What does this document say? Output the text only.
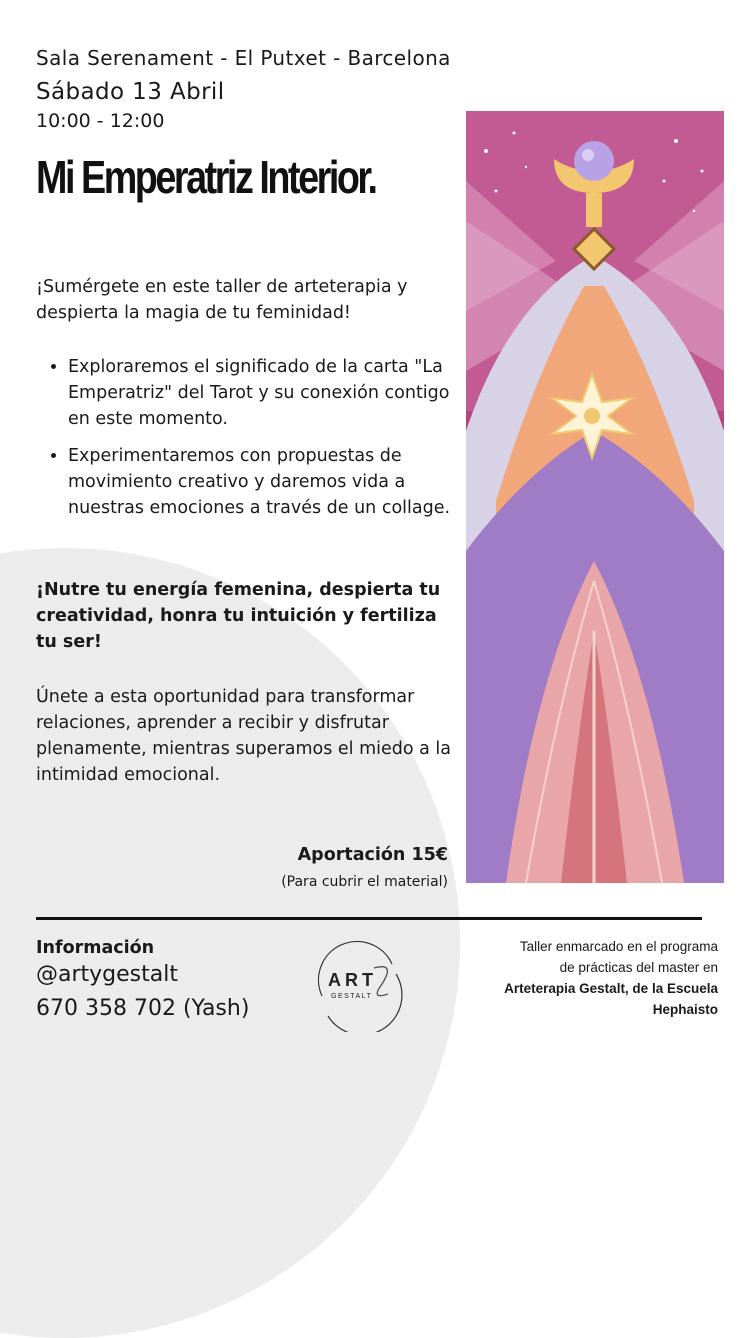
Sala Serenament - El Putxet - Barcelona
Sábado 13 Abril
10:00 - 12:00
Mi Emperatriz Interior.

¡Sumérgete en este taller de arteterapia y despierta la magia de tu feminidad!

• Exploraremos el significado de la carta "La Emperatriz" del Tarot y su conexión contigo en este momento.
• Experimentaremos con propuestas de movimiento creativo y daremos vida a nuestras emociones a través de un collage.

¡Nutre tu energía femenina, despierta tu creatividad, honra tu intuición y fertiliza tu ser!

Únete a esta oportunidad para transformar relaciones, aprender a recibir y disfrutar plenamente, mientras superamos el miedo a la intimidad emocional.

Aportación 15€
(Para cubrir el material)
Información
@artygestalt
670 358 702 (Yash)
ART
GESTALT
Taller enmarcado en el programa
de prácticas del master en
Arteterapia Gestalt, de la Escuela
Hephaisto
